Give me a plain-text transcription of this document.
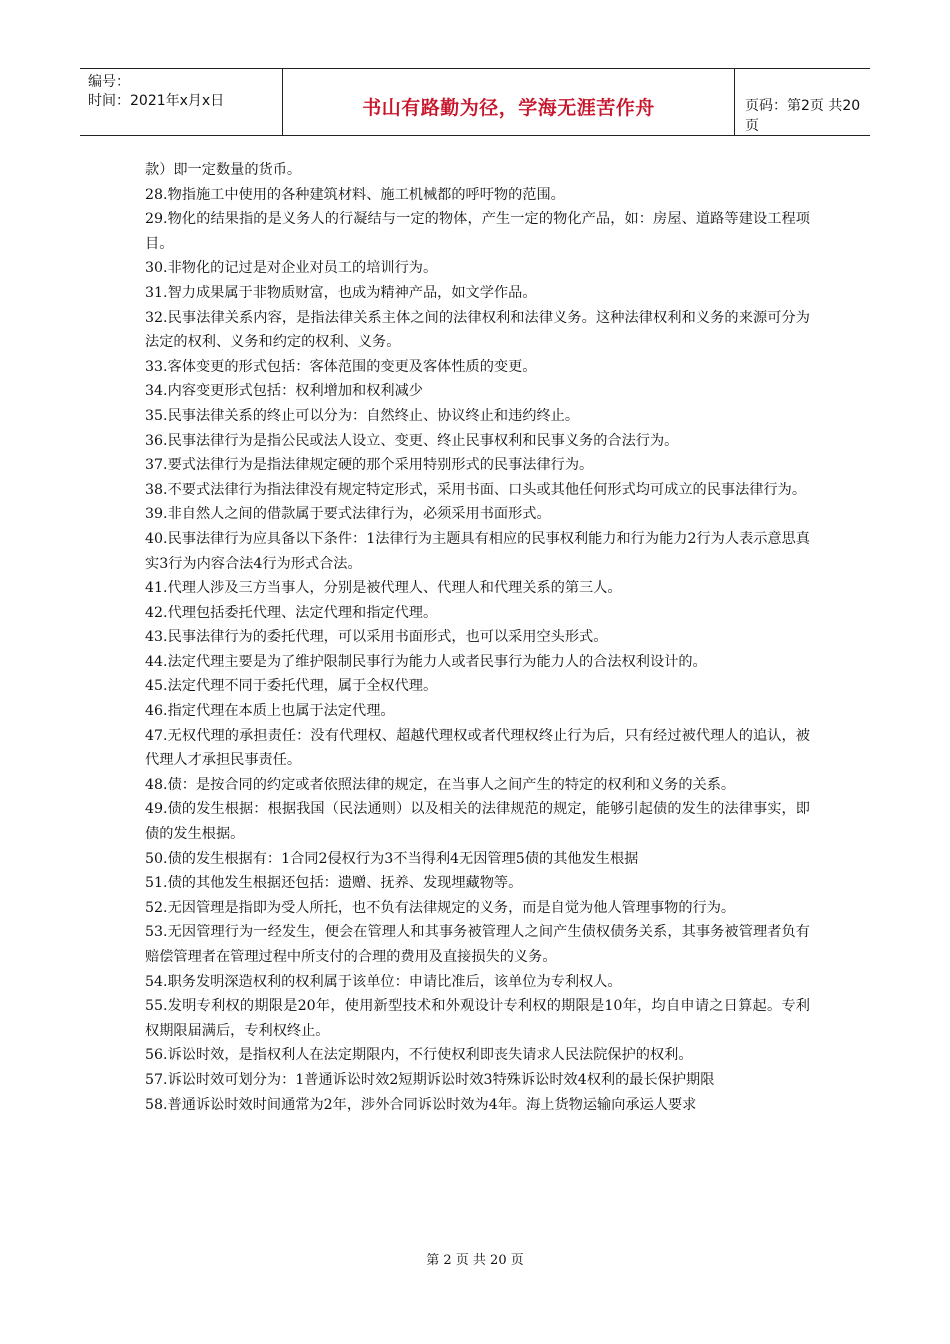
编号：
时间：2021年x月x日	书山有路勤为径，学海无涯苦作舟	页码：第2页 共20页

款）即一定数量的货币。

28.物指施工中使用的各种建筑材料、施工机械都的呼吁物的范围。

29.物化的结果指的是义务人的行凝结与一定的物体，产生一定的物化产品，如：房屋、道路等建设工程项目。

30.非物化的记过是对企业对员工的培训行为。

31.智力成果属于非物质财富，也成为精神产品，如文学作品。

32.民事法律关系内容，是指法律关系主体之间的法律权利和法律义务。这种法律权利和义务的来源可分为法定的权利、义务和约定的权利、义务。

33.客体变更的形式包括：客体范围的变更及客体性质的变更。

34.内容变更形式包括：权利增加和权利减少

35.民事法律关系的终止可以分为：自然终止、协议终止和违约终止。

36.民事法律行为是指公民或法人设立、变更、终止民事权利和民事义务的合法行为。

37.要式法律行为是指法律规定硬的那个采用特别形式的民事法律行为。

38.不要式法律行为指法律没有规定特定形式，采用书面、口头或其他任何形式均可成立的民事法律行为。

39.非自然人之间的借款属于要式法律行为，必须采用书面形式。

40.民事法律行为应具备以下条件：1法律行为主题具有相应的民事权利能力和行为能力2行为人表示意思真实3行为内容合法4行为形式合法。

41.代理人涉及三方当事人，分别是被代理人、代理人和代理关系的第三人。

42.代理包括委托代理、法定代理和指定代理。

43.民事法律行为的委托代理，可以采用书面形式，也可以采用空头形式。

44.法定代理主要是为了维护限制民事行为能力人或者民事行为能力人的合法权利设计的。

45.法定代理不同于委托代理，属于全权代理。

46.指定代理在本质上也属于法定代理。

47.无权代理的承担责任：没有代理权、超越代理权或者代理权终止行为后，只有经过被代理人的追认，被代理人才承担民事责任。

48.债：是按合同的约定或者依照法律的规定，在当事人之间产生的特定的权利和义务的关系。

49.债的发生根据：根据我国（民法通则）以及相关的法律规范的规定，能够引起债的发生的法律事实，即债的发生根据。

50.债的发生根据有：1合同2侵权行为3不当得利4无因管理5债的其他发生根据

51.债的其他发生根据还包括：遗赠、抚养、发现埋藏物等。

52.无因管理是指即为受人所托，也不负有法律规定的义务，而是自觉为他人管理事物的行为。

53.无因管理行为一经发生，便会在管理人和其事务被管理人之间产生债权债务关系，其事务被管理者负有赔偿管理者在管理过程中所支付的合理的费用及直接损失的义务。

54.职务发明深造权利的权利属于该单位：申请比准后，该单位为专利权人。

55.发明专利权的期限是20年，使用新型技术和外观设计专利权的期限是10年，均自申请之日算起。专利权期限届满后，专利权终止。

56.诉讼时效，是指权利人在法定期限内，不行使权利即丧失请求人民法院保护的权利。

57.诉讼时效可划分为：1普通诉讼时效2短期诉讼时效3特殊诉讼时效4权利的最长保护期限

58.普通诉讼时效时间通常为2年，涉外合同诉讼时效为4年。海上货物运输向承运人要求

第 2 页 共 20 页
